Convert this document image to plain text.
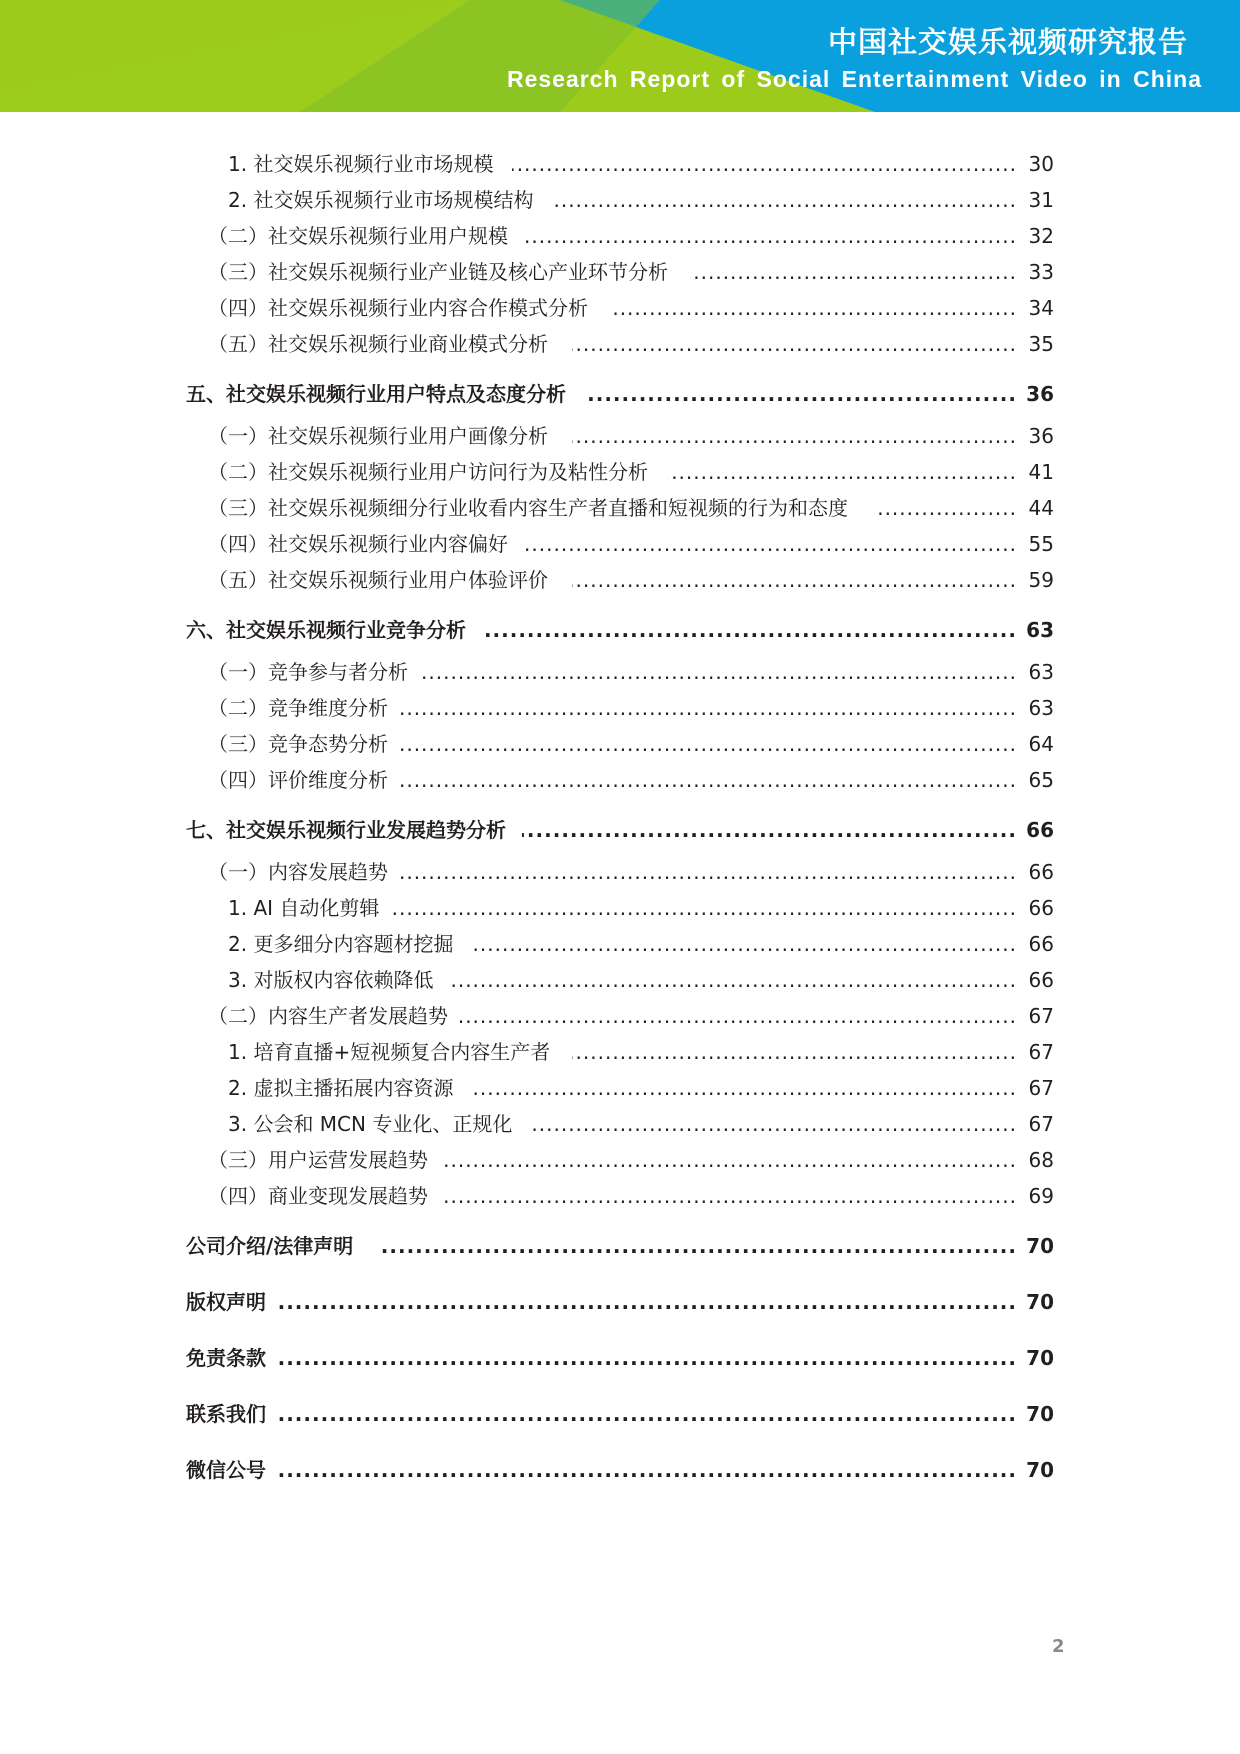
中国社交娱乐视频研究报告
Research Report of Social Entertainment Video in China
1. 社交娱乐视频行业市场规模 .....	30
2. 社交娱乐视频行业市场规模结构 .....	31
（二）社交娱乐视频行业用户规模 .....	32
（三）社交娱乐视频行业产业链及核心产业环节分析 .....	33
（四）社交娱乐视频行业内容合作模式分析 .....	34
（五）社交娱乐视频行业商业模式分析 .....	35
五、社交娱乐视频行业用户特点及态度分析 .....	36
（一）社交娱乐视频行业用户画像分析 .....	36
（二）社交娱乐视频行业用户访问行为及粘性分析 .....	41
（三）社交娱乐视频细分行业收看内容生产者直播和短视频的行为和态度 .....	44
（四）社交娱乐视频行业内容偏好 .....	55
（五）社交娱乐视频行业用户体验评价 .....	59
六、社交娱乐视频行业竞争分析 .....	63
（一）竞争参与者分析 .....	63
（二）竞争维度分析 .....	63
（三）竞争态势分析 .....	64
（四）评价维度分析 .....	65
七、社交娱乐视频行业发展趋势分析 .....	66
（一）内容发展趋势 .....	66
1. AI 自动化剪辑 .....	66
2. 更多细分内容题材挖掘 .....	66
3. 对版权内容依赖降低 .....	66
（二）内容生产者发展趋势 .....	67
1. 培育直播+短视频复合内容生产者 .....	67
2. 虚拟主播拓展内容资源 .....	67
3. 公会和 MCN 专业化、正规化 .....	67
（三）用户运营发展趋势 .....	68
（四）商业变现发展趋势 .....	69
公司介绍/法律声明 .....	70
版权声明 .....	70
免责条款 .....	70
联系我们 .....	70
微信公号 .....	70
2
